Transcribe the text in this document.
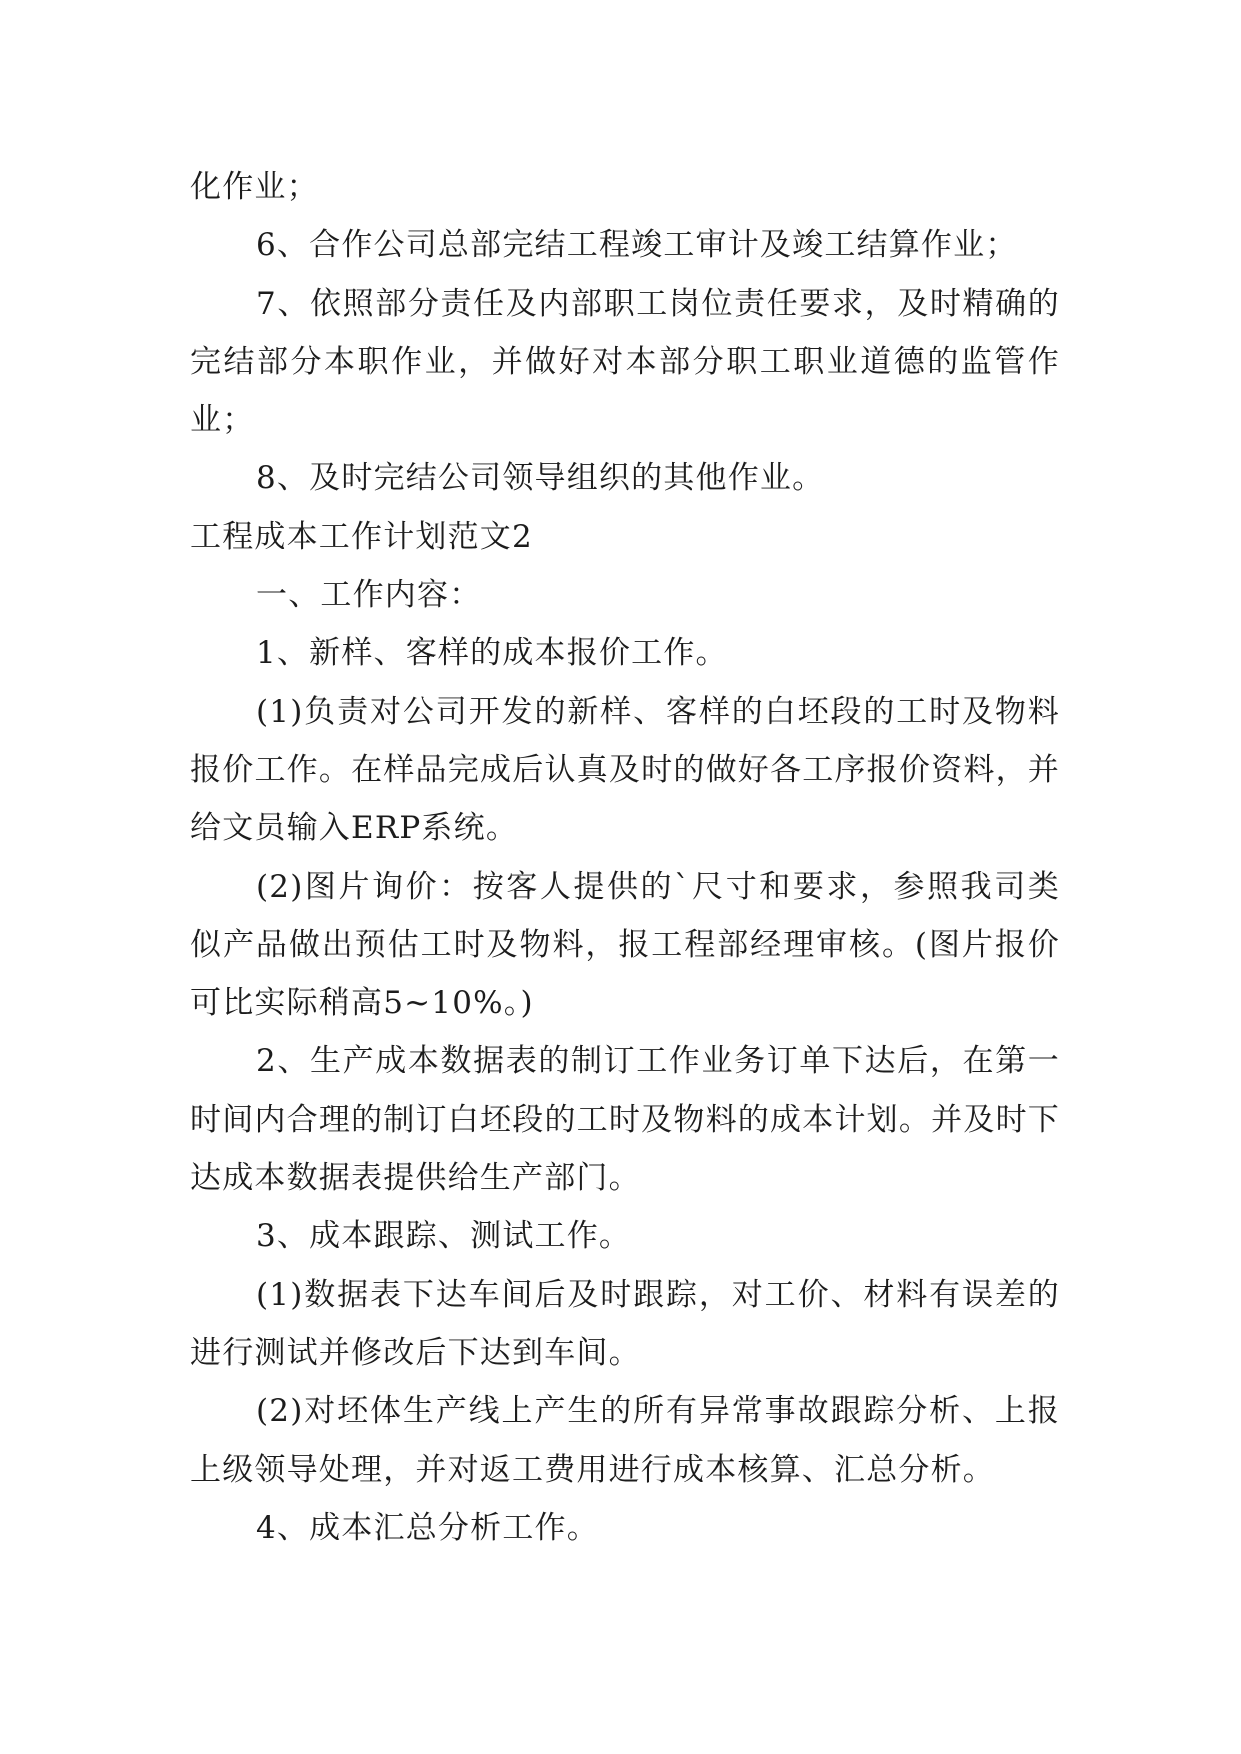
化作业；

6、合作公司总部完结工程竣工审计及竣工结算作业；

7、依照部分责任及内部职工岗位责任要求，及时精确的完结部分本职作业，并做好对本部分职工职业道德的监管作业；

8、及时完结公司领导组织的其他作业。

工程成本工作计划范文2

一、工作内容：

1、新样、客样的成本报价工作。

(1)负责对公司开发的新样、客样的白坯段的工时及物料报价工作。在样品完成后认真及时的做好各工序报价资料，并给文员输入ERP系统。

(2)图片询价：按客人提供的`尺寸和要求，参照我司类似产品做出预估工时及物料，报工程部经理审核。(图片报价可比实际稍高5~10%。)

2、生产成本数据表的制订工作业务订单下达后，在第一时间内合理的制订白坯段的工时及物料的成本计划。并及时下达成本数据表提供给生产部门。

3、成本跟踪、测试工作。

(1)数据表下达车间后及时跟踪，对工价、材料有误差的进行测试并修改后下达到车间。

(2)对坯体生产线上产生的所有异常事故跟踪分析、上报上级领导处理，并对返工费用进行成本核算、汇总分析。

4、成本汇总分析工作。
